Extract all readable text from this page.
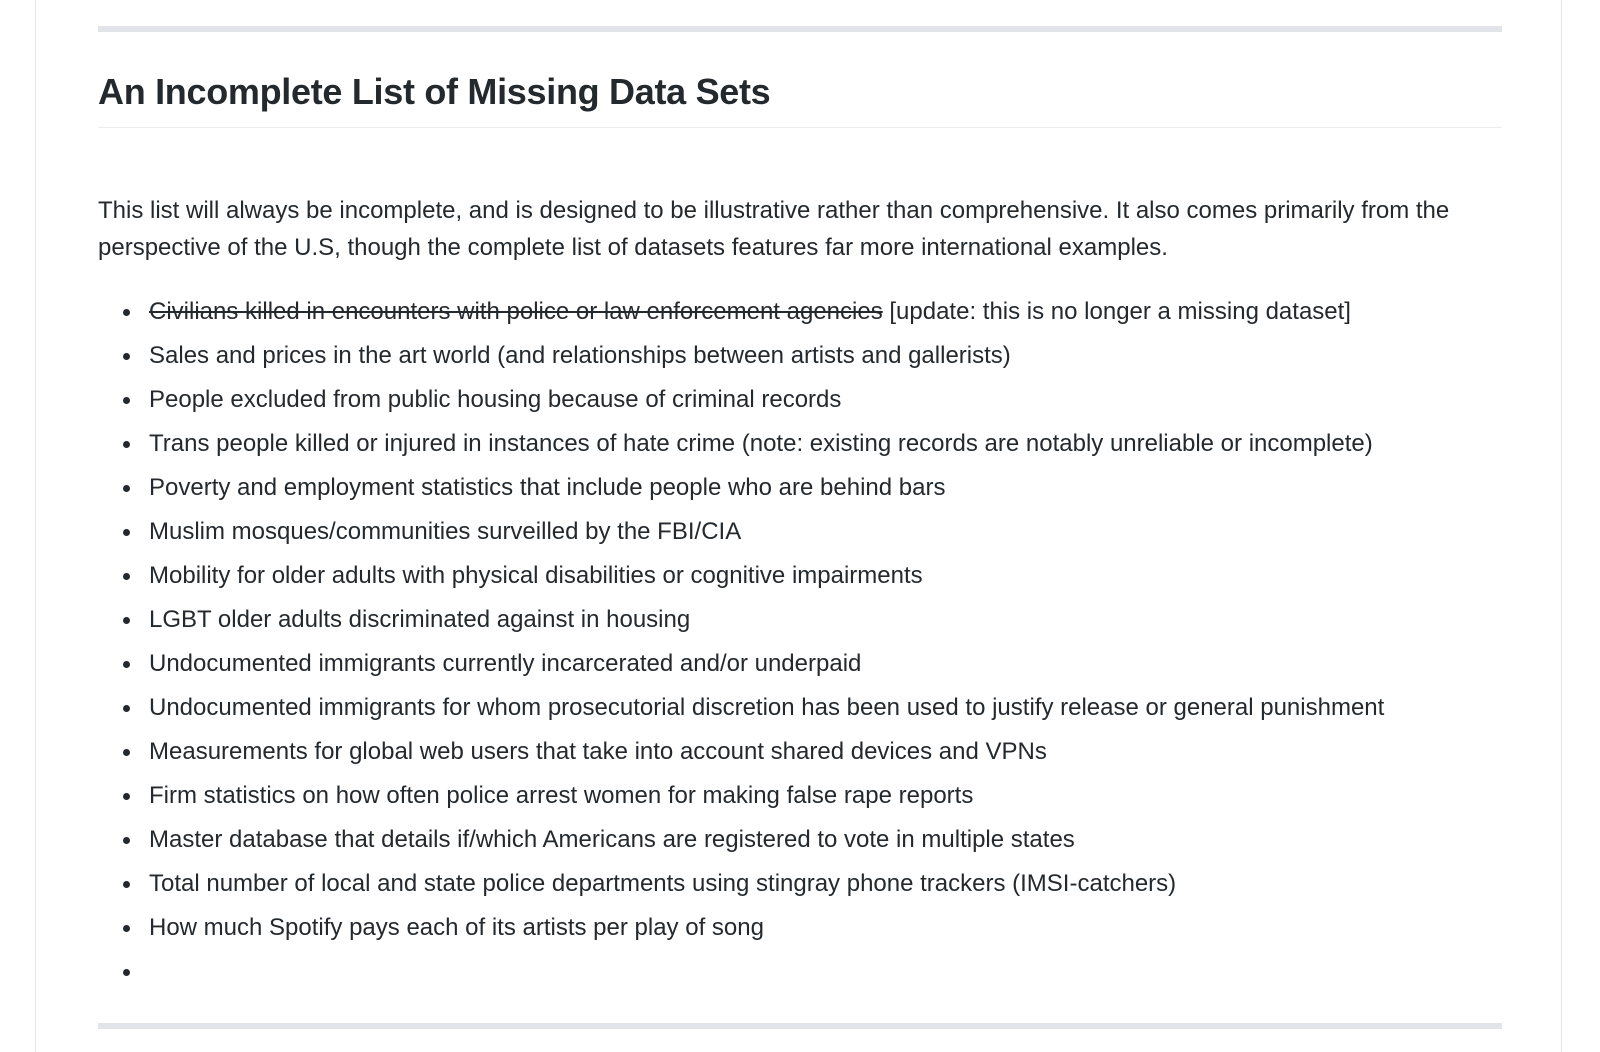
An Incomplete List of Missing Data Sets

This list will always be incomplete, and is designed to be illustrative rather than comprehensive. It also comes primarily from the perspective of the U.S, though the complete list of datasets features far more international examples.

Civilians killed in encounters with police or law enforcement agencies [update: this is no longer a missing dataset]
Sales and prices in the art world (and relationships between artists and gallerists)
People excluded from public housing because of criminal records
Trans people killed or injured in instances of hate crime (note: existing records are notably unreliable or incomplete)
Poverty and employment statistics that include people who are behind bars
Muslim mosques/communities surveilled by the FBI/CIA
Mobility for older adults with physical disabilities or cognitive impairments
LGBT older adults discriminated against in housing
Undocumented immigrants currently incarcerated and/or underpaid
Undocumented immigrants for whom prosecutorial discretion has been used to justify release or general punishment
Measurements for global web users that take into account shared devices and VPNs
Firm statistics on how often police arrest women for making false rape reports
Master database that details if/which Americans are registered to vote in multiple states
Total number of local and state police departments using stingray phone trackers (IMSI-catchers)
How much Spotify pays each of its artists per play of song
